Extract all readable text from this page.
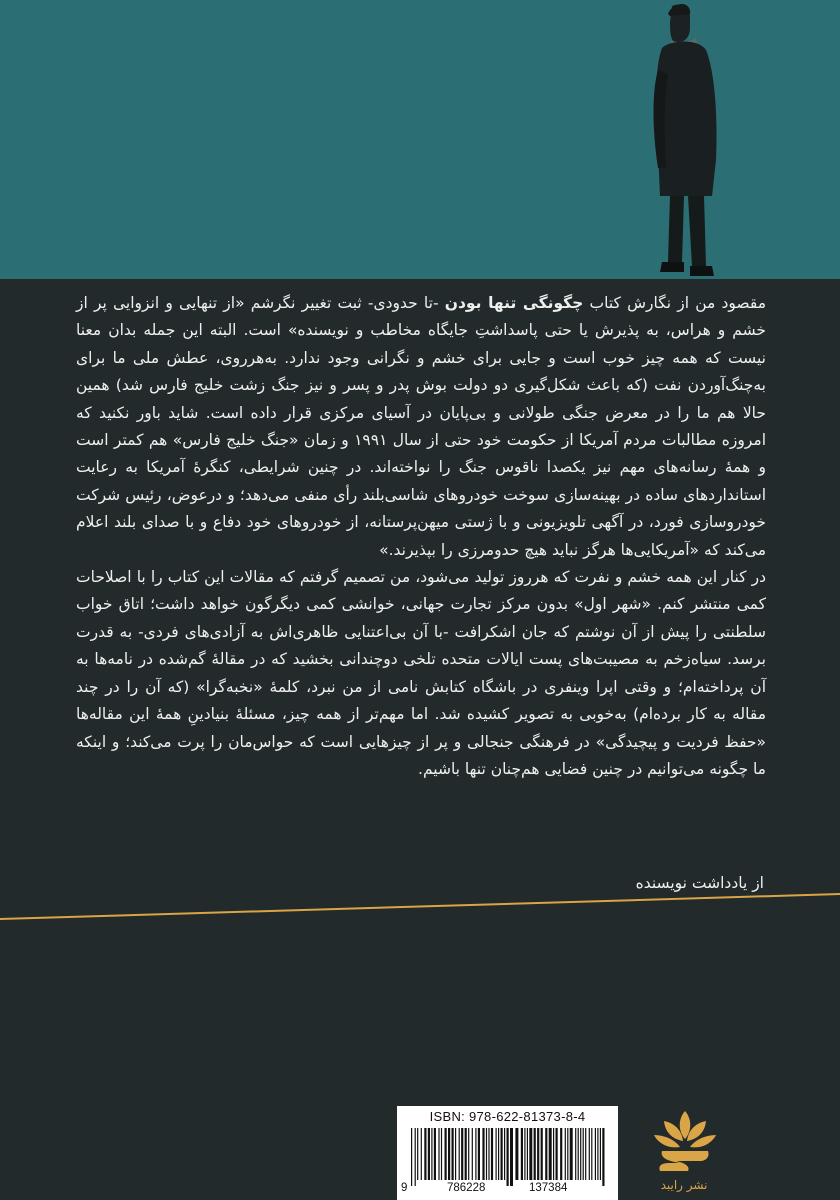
مقصود من از نگارش کتاب چگونگی تنها بودن -تا حدودی- ثبت تغییر نگرشم «از تنهایی و انزوایی پر از خشم و هراس، به پذیرش یا حتی پاسداشتِ جایگاه مخاطب و نویسنده» است. البته این جمله بدان معنا نیست که همه چیز خوب است و جایی برای خشم و نگرانی وجود ندارد. به‌هرروی، عطش ملی ما برای به‌چنگ‌آوردن نفت (که باعث شکل‌گیری دو دولت بوش پدر و پسر و نیز جنگ زشت خلیج فارس شد) همین حالا هم ما را در معرض جنگی طولانی و بی‌پایان در آسیای مرکزی قرار داده است. شاید باور نکنید که امروزه مطالبات مردم آمریکا از حکومت خود حتی از سال ۱۹۹۱ و زمان «جنگ خلیج فارس» هم کمتر است و همهٔ رسانه‌های مهم نیز یکصدا ناقوس جنگ را نواخته‌اند. در چنین شرایطی، کنگرهٔ آمریکا به رعایت استانداردهای ساده در بهینه‌سازی سوخت خودروهای شاسی‌بلند رأی منفی می‌دهد؛ و درعوض، رئیس شرکت خودروسازی فورد، در آگهی تلویزیونی و با ژستی میهن‌پرستانه، از خودروهای خود دفاع و با صدای بلند اعلام می‌کند که «آمریکایی‌ها هرگز نباید هیچ حدومرزی را بپذیرند.»

در کنار این همه خشم و نفرت که هرروز تولید می‌شود، من تصمیم گرفتم که مقالات این کتاب را با اصلاحات کمی منتشر کنم. «شهر اول» بدون مرکز تجارت جهانی، خوانشی کمی دیگرگون خواهد داشت؛ اتاق خواب سلطنتی را پیش از آن نوشتم که جان اشکرافت -با آن بی‌اعتنایی ظاهری‌اش به آزادی‌های فردی- به قدرت برسد. سیاه‌زخم به مصیبت‌های پست ایالات متحده تلخی دوچندانی بخشید که در مقالهٔ گم‌شده در نامه‌ها به آن پرداخته‌ام؛ و وقتی اپرا وینفری در باشگاه کتابش نامی از من نبرد، کلمهٔ «نخبه‌گرا» (که آن را در چند مقاله به کار برده‌ام) به‌خوبی به تصویر کشیده شد. اما مهم‌تر از همه چیز، مسئلهٔ بنیادینِ همهٔ این مقاله‌ها «حفظ فردیت و پیچیدگی» در فرهنگی جنجالی و پر از چیزهایی است که حواس‌مان را پرت می‌کند؛ و اینکه ما چگونه می‌توانیم در چنین فضایی هم‌چنان تنها باشیم.

از یادداشت نویسنده
ISBN: 978-622-81373-8-4
9	786228	137384	نشر رایبد
